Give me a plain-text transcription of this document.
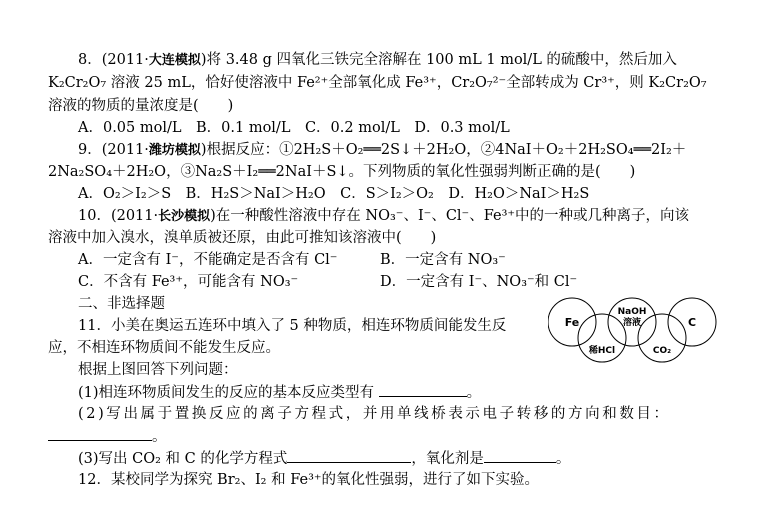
8．(2011·大连模拟)将 3.48 g 四氧化三铁完全溶解在 100 mL 1 mol/L 的硫酸中，然后加入
K₂Cr₂O₇ 溶液 25 mL，恰好使溶液中 Fe²⁺全部氧化成 Fe³⁺，Cr₂O₇²⁻全部转成为 Cr³⁺，则 K₂Cr₂O₇
溶液的物质的量浓度是(　　)
A．0.05 mol/L　B．0.1 mol/L　C．0.2 mol/L　D．0.3 mol/L
9．(2011·潍坊模拟)根据反应：①2H₂S＋O₂══2S↓＋2H₂O，②4NaI＋O₂＋2H₂SO₄══2I₂＋
2Na₂SO₄＋2H₂O，③Na₂S＋I₂══2NaI＋S↓。下列物质的氧化性强弱判断正确的是(　　)
A．O₂＞I₂＞S　B．H₂S＞NaI＞H₂O　C．S＞I₂＞O₂　D．H₂O＞NaI＞H₂S
10．(2011·长沙模拟)在一种酸性溶液中存在 NO₃⁻、I⁻、Cl⁻、Fe³⁺中的一种或几种离子，向该
溶液中加入溴水，溴单质被还原，由此可推知该溶液中(　　)
A．一定含有 I⁻，不能确定是否含有 Cl⁻	B．一定含有 NO₃⁻
C．不含有 Fe³⁺，可能含有 NO₃⁻	D．一定含有 I⁻、NO₃⁻和 Cl⁻
二、非选择题
11．小美在奥运五连环中填入了 5 种物质，相连环物质间能发生反
应，不相连环物质间不能发生反应。
根据上图回答下列问题：
(1)相连环物质间发生的反应的基本反应类型有	。
(2)写出属于置换反应的离子方程式，并用单线桥表示电子转移的方向和数目：
。
(3)写出 CO₂ 和 C 的化学方程式	，氧化剂是	。
12．某校同学为探究 Br₂、I₂ 和 Fe³⁺的氧化性强弱，进行了如下实验。
Fe
NaOH
溶液	C
稀HCl	CO₂
